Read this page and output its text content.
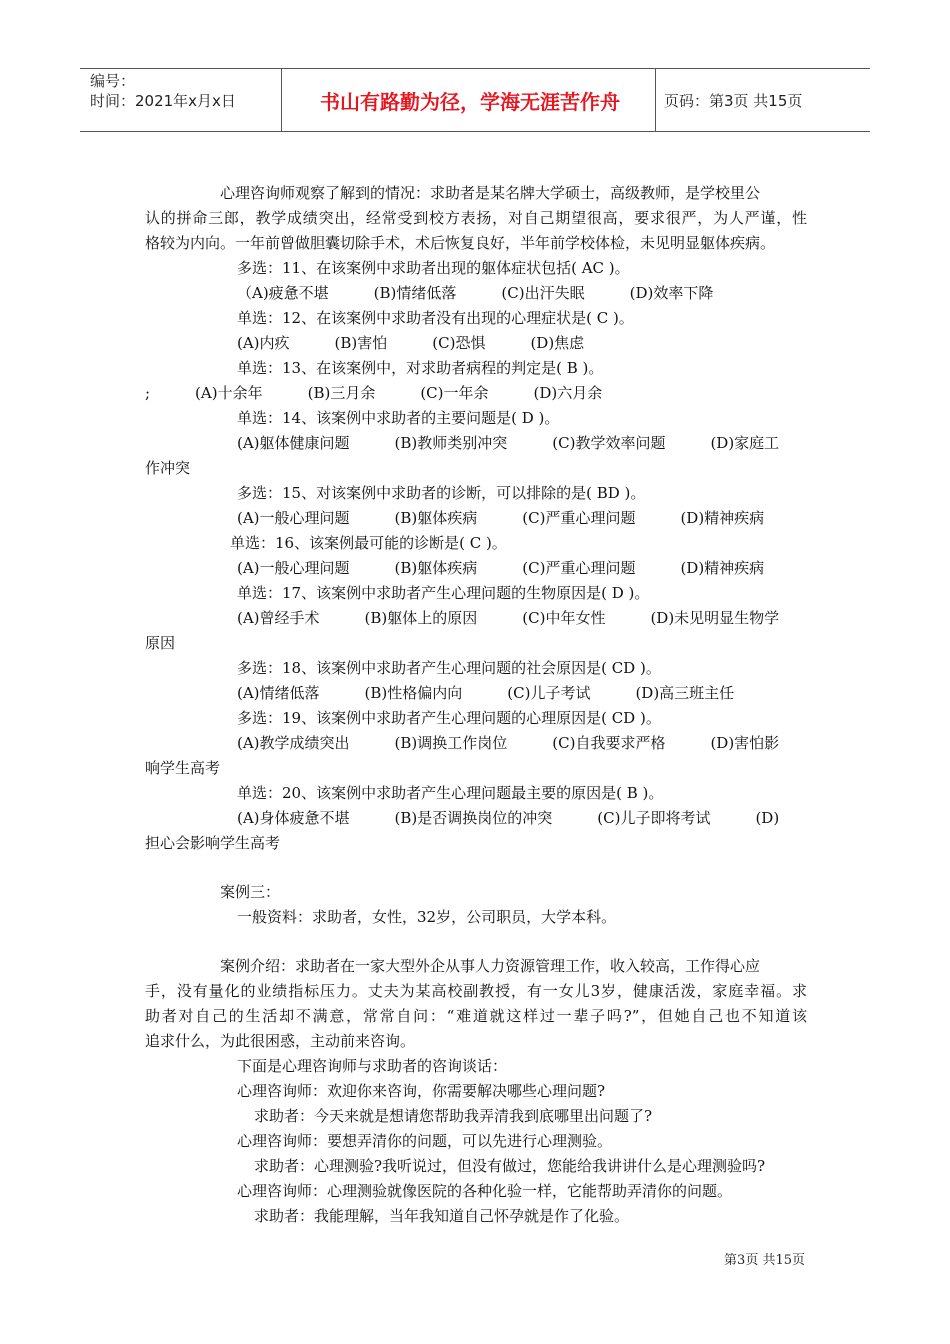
编号：
时间：2021年x月x日	书山有路勤为径，学海无涯苦作舟	页码：第3页 共15页
心理咨询师观察了解到的情况：求助者是某名牌大学硕士，高级教师，是学校里公
认的拼命三郎，教学成绩突出，经常受到校方表扬，对自己期望很高，要求很严，为人严谨，性
格较为内向。一年前曾做胆囊切除手术，术后恢复良好，半年前学校体检，未见明显躯体疾病。
多选：11、在该案例中求助者出现的躯体症状包括( AC )。
（A)疲惫不堪　　　(B)情绪低落　　　(C)出汗失眠　　　(D)效率下降
单选：12、在该案例中求助者没有出现的心理症状是( C )。
(A)内疚　　　(B)害怕　　　(C)恐惧　　　(D)焦虑
单选：13、在该案例中，对求助者病程的判定是( B )。
;　　　(A)十余年　　　(B)三月余　　　(C)一年余　　　(D)六月余
单选：14、该案例中求助者的主要问题是( D )。
(A)躯体健康问题　　　(B)教师类别冲突　　　(C)教学效率问题　　　(D)家庭工
作冲突
多选：15、对该案例中求助者的诊断，可以排除的是( BD )。
(A)一般心理问题　　　(B)躯体疾病　　　(C)严重心理问题　　　(D)精神疾病
单选：16、该案例最可能的诊断是( C )。
(A)一般心理问题　　　(B)躯体疾病　　　(C)严重心理问题　　　(D)精神疾病
单选：17、该案例中求助者产生心理问题的生物原因是( D )。
(A)曾经手术　　　(B)躯体上的原因　　　(C)中年女性　　　(D)未见明显生物学
原因
多选：18、该案例中求助者产生心理问题的社会原因是( CD )。
(A)情绪低落　　　(B)性格偏内向　　　(C)儿子考试　　　(D)高三班主任
多选：19、该案例中求助者产生心理问题的心理原因是( CD )。
(A)教学成绩突出　　　(B)调换工作岗位　　　(C)自我要求严格　　　(D)害怕影
响学生高考
单选：20、该案例中求助者产生心理问题最主要的原因是( B )。
(A)身体疲惫不堪　　　(B)是否调换岗位的冲突　　　(C)儿子即将考试　　　(D)
担心会影响学生高考
案例三：
一般资料：求助者，女性，32岁，公司职员，大学本科。
案例介绍：求助者在一家大型外企从事人力资源管理工作，收入较高，工作得心应
手，没有量化的业绩指标压力。丈夫为某高校副教授，有一女儿3岁，健康活泼，家庭幸福。求
助者对自己的生活却不满意，常常自问：“难道就这样过一辈子吗?”，但她自己也不知道该
追求什么，为此很困惑，主动前来咨询。
下面是心理咨询师与求助者的咨询谈话：
心理咨询师：欢迎你来咨询，你需要解决哪些心理问题?
求助者：今天来就是想请您帮助我弄清我到底哪里出问题了?
心理咨询师：要想弄清你的问题，可以先进行心理测验。
求助者：心理测验?我听说过，但没有做过，您能给我讲讲什么是心理测验吗?
心理咨询师：心理测验就像医院的各种化验一样，它能帮助弄清你的问题。
求助者：我能理解，当年我知道自己怀孕就是作了化验。
第3页 共15页
